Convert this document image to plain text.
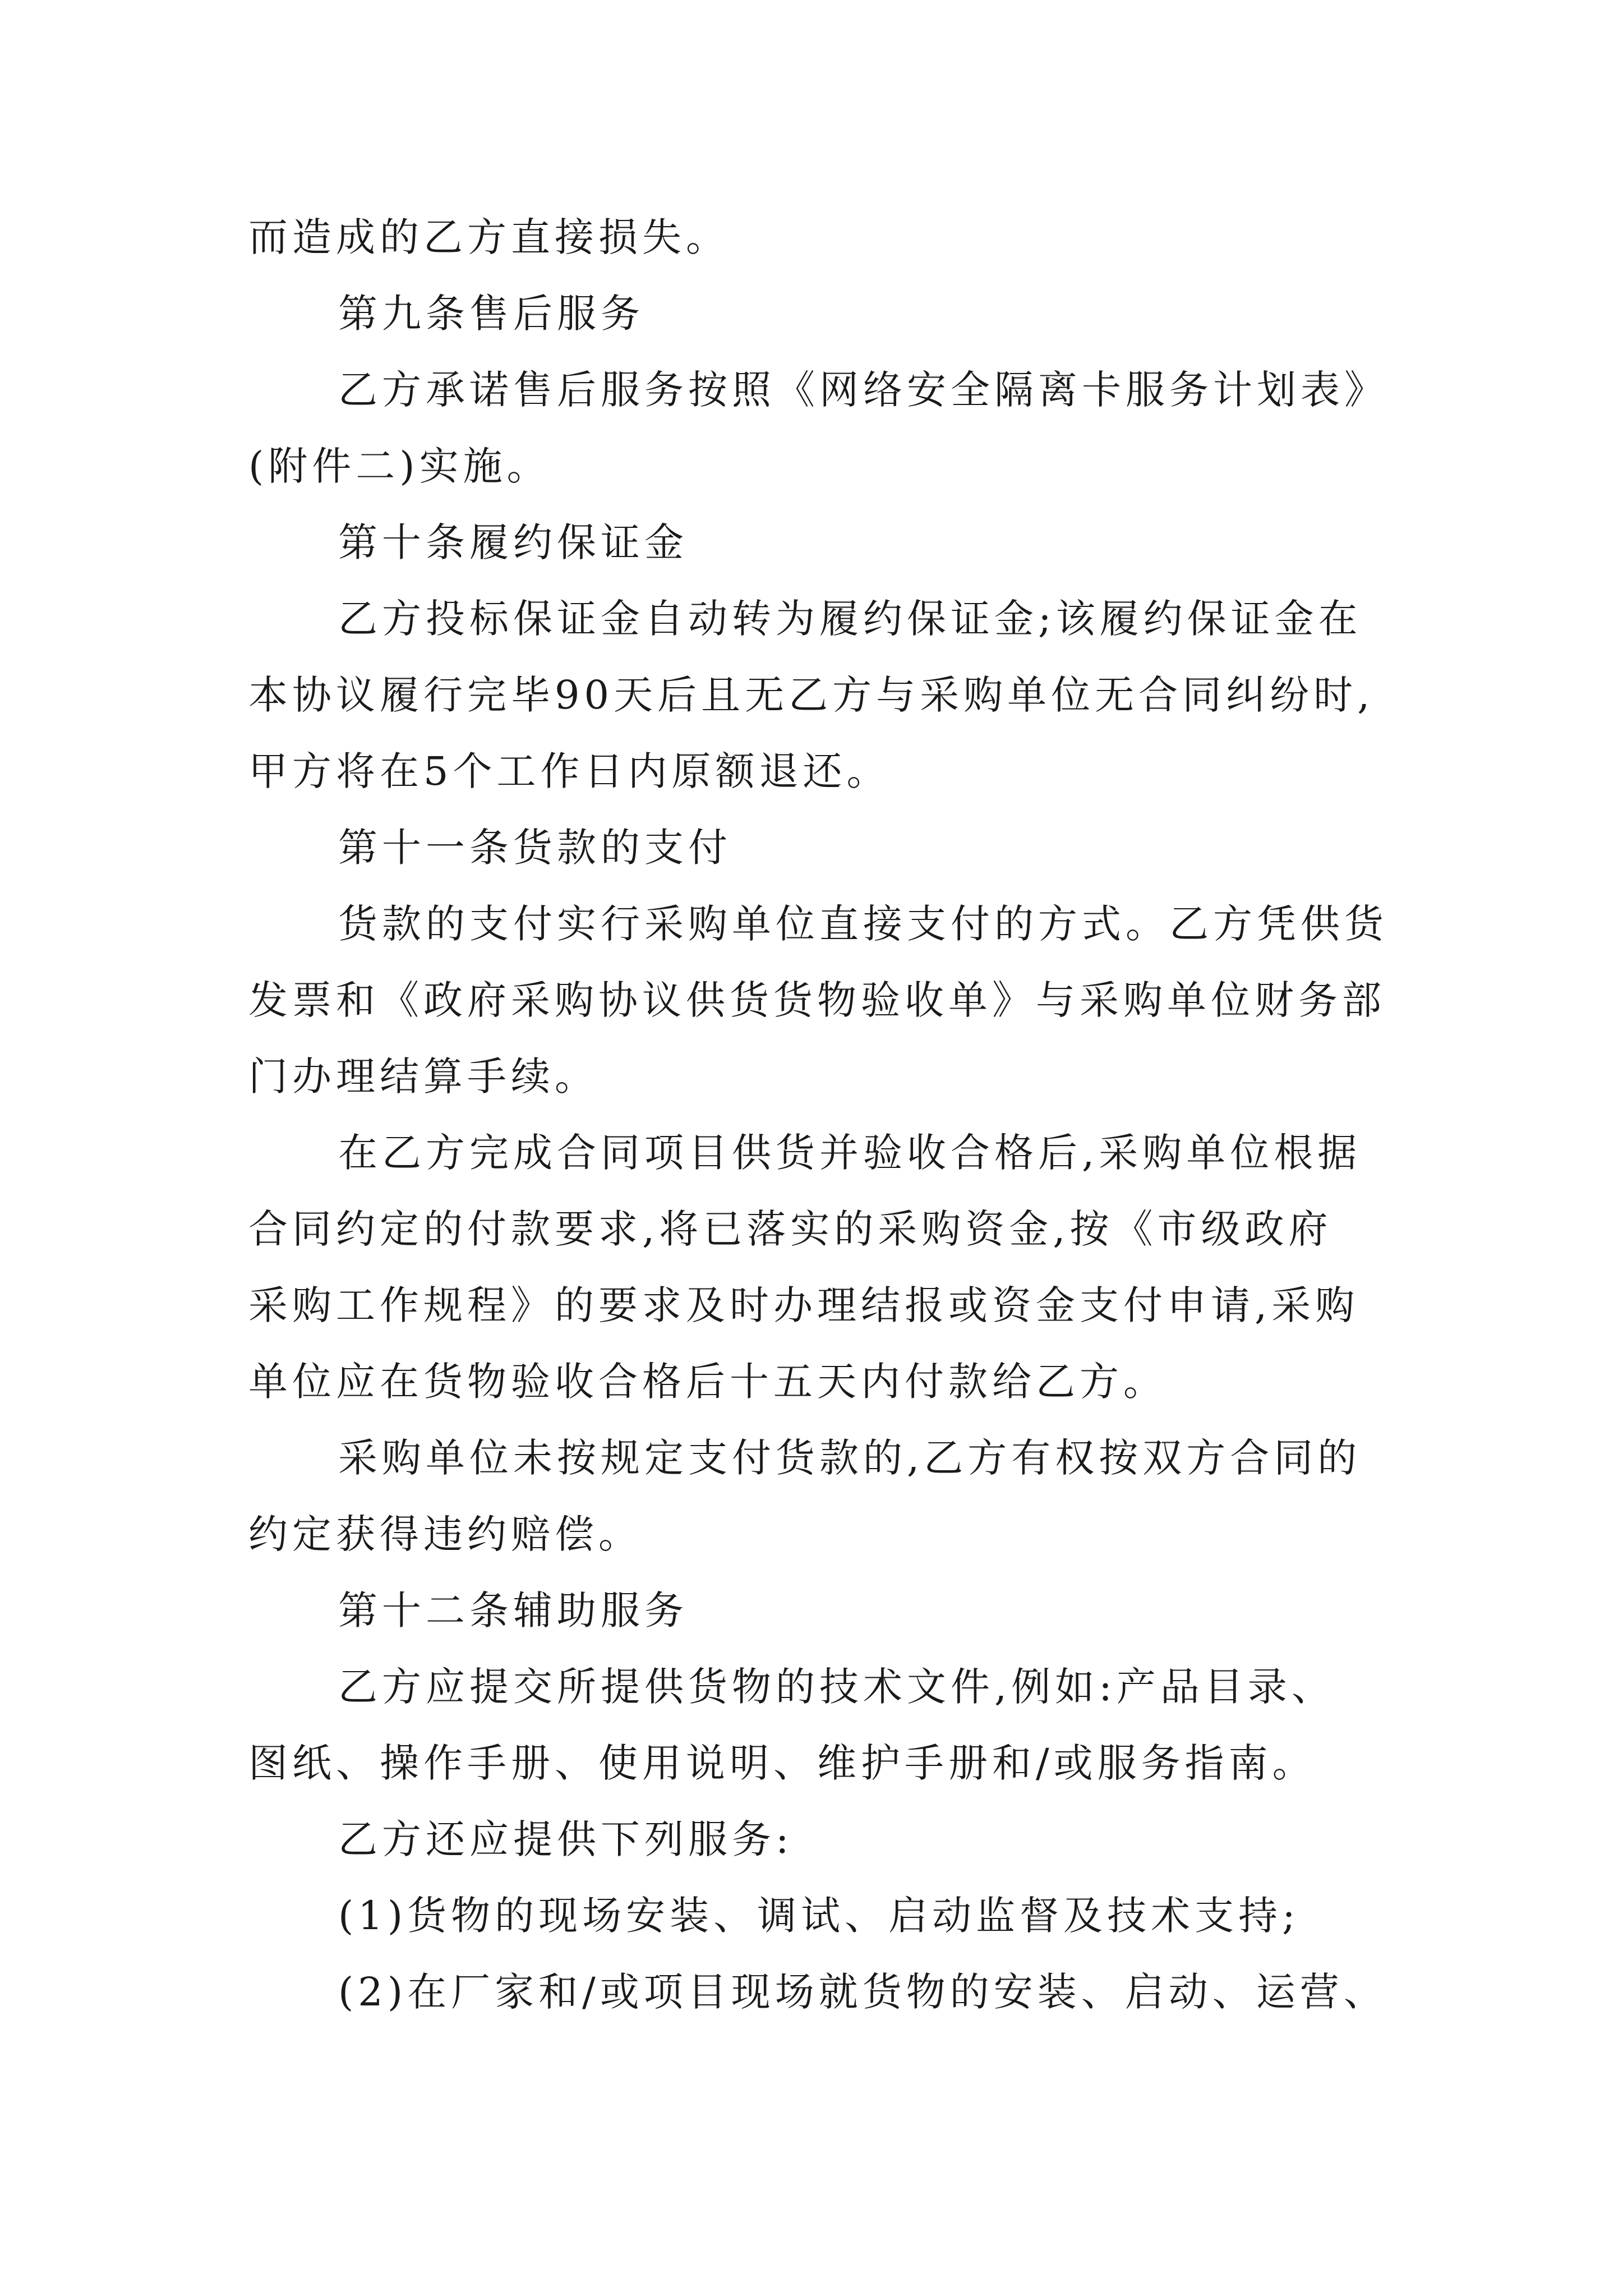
而造成的乙方直接损失。
第九条售后服务
乙方承诺售后服务按照《网络安全隔离卡服务计划表》
(附件二)实施。
第十条履约保证金
乙方投标保证金自动转为履约保证金;该履约保证金在
本协议履行完毕90天后且无乙方与采购单位无合同纠纷时,
甲方将在5个工作日内原额退还。
第十一条货款的支付
货款的支付实行采购单位直接支付的方式。乙方凭供货
发票和《政府采购协议供货货物验收单》与采购单位财务部
门办理结算手续。
在乙方完成合同项目供货并验收合格后,采购单位根据
合同约定的付款要求,将已落实的采购资金,按《市级政府
采购工作规程》的要求及时办理结报或资金支付申请,采购
单位应在货物验收合格后十五天内付款给乙方。
采购单位未按规定支付货款的,乙方有权按双方合同的
约定获得违约赔偿。
第十二条辅助服务
乙方应提交所提供货物的技术文件,例如:产品目录、
图纸、操作手册、使用说明、维护手册和/或服务指南。
乙方还应提供下列服务:
(1)货物的现场安装、调试、启动监督及技术支持;
(2)在厂家和/或项目现场就货物的安装、启动、运营、
